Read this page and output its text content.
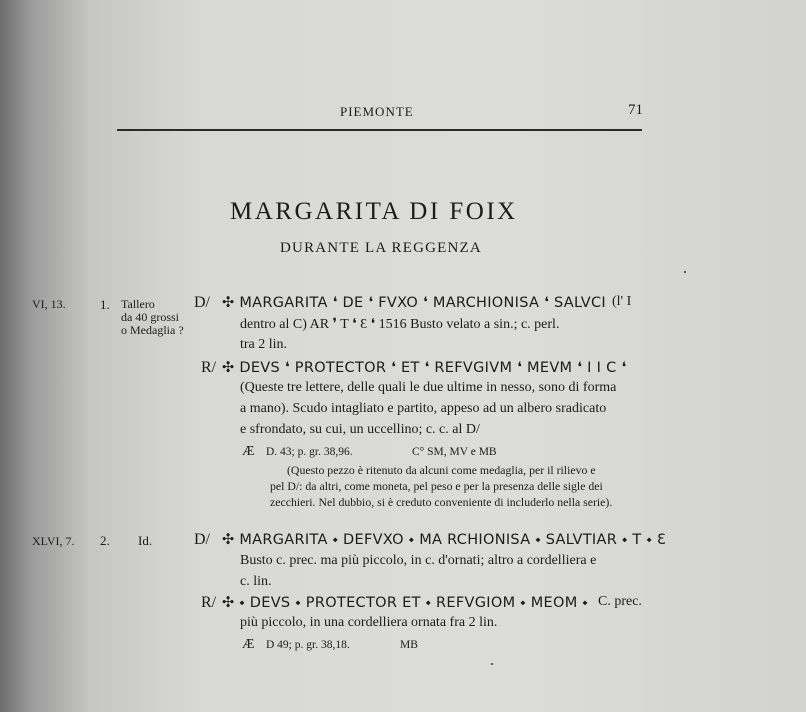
PIEMONTE	71
MARGARITA DI FOIX
DURANTE LA REGGENZA
VI, 13.	1. Tallero
da 40 grossi
o Medaglia ?
D/ ✣ MARGARITA ❛ DE ❛ FVXO ❛ MARCHIONISA ❛ SALVCI (l' I
dentro al C) AR ❜ T ❛ Ɛ ❛ 1516 Busto velato a sin.; c. perl.
tra 2 lin.
R/ ✣ DEVS ❛ PROTECTOR ❛ ET ❛ REFVGIVM ❛ MEVM ❛ I I C ❛
(Queste tre lettere, delle quali le due ultime in nesso, sono di forma
a mano). Scudo intagliato e partito, appeso ad un albero sradicato
e sfrondato, su cui, un uccellino; c. c. al D/
Æ D. 43; p. gr. 38,96.	C° SM, MV e MB
(Questo pezzo è ritenuto da alcuni come medaglia, per il rilievo e
pel D/: da altri, come moneta, pel peso e per la presenza delle sigle dei
zecchieri. Nel dubbio, si è creduto conveniente di includerlo nella serie).
XLVI, 7. 2. Id.	D/ ✣ MARGARITA ⬩ DEFVXO ⬩ MA RCHIONISA ⬩ SALVTIAR ⬩ T ⬩ Ɛ
Busto c. prec. ma più piccolo, in c. d'ornati; altro a cordelliera e
c. lin.
R/ ✣ ⬩ DEVS ⬩ PROTECTOR ET ⬩ REFVGIOM ⬩ MEOM ⬩ C. prec.
più piccolo, in una cordelliera ornata fra 2 lin.
Æ D 49; p. gr. 38,18.	MB
